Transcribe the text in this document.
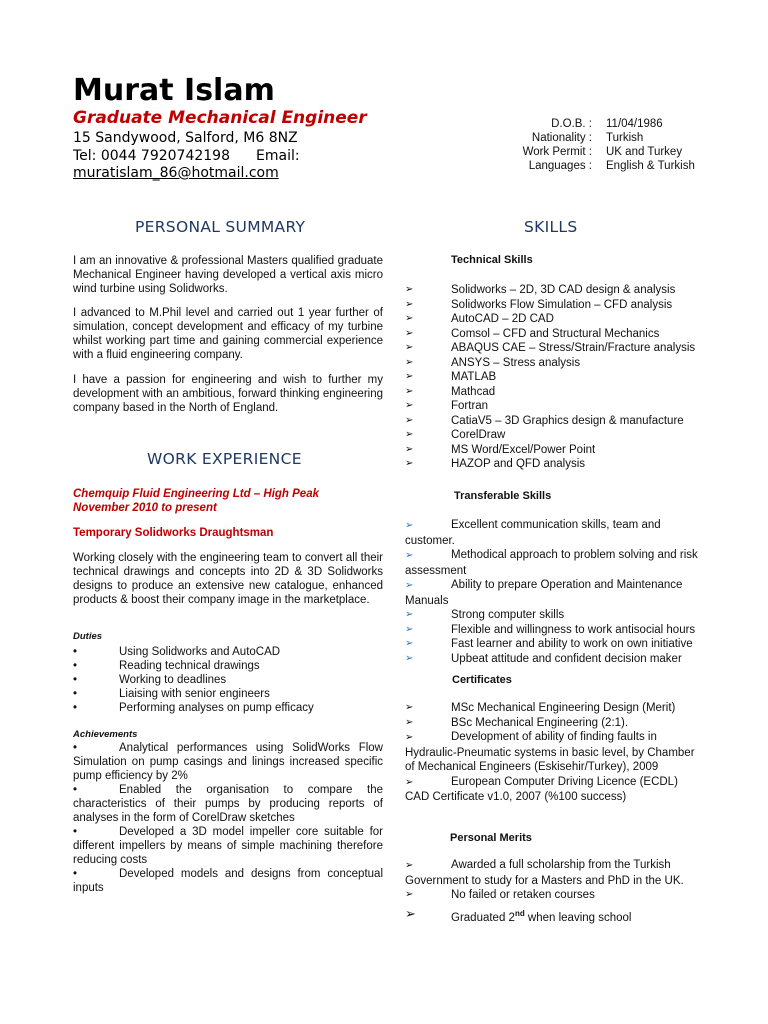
Murat Islam
Graduate Mechanical Engineer
15 Sandywood, Salford, M6 8NZ
Tel: 0044 7920742198 Email:
muratislam_86@hotmail.com
D.O.B. : 11/04/1986
Nationality : Turkish
Work Permit : UK and Turkey
Languages : English & Turkish
PERSONAL SUMMARY

I am an innovative & professional Masters qualified graduate Mechanical Engineer having developed a vertical axis micro wind turbine using Solidworks.

I advanced to M.Phil level and carried out 1 year further of simulation, concept development and efficacy of my turbine whilst working part time and gaining commercial experience with a fluid engineering company.

I have a passion for engineering and wish to further my development with an ambitious, forward thinking engineering company based in the North of England.

WORK EXPERIENCE
Chemquip Fluid Engineering Ltd – High Peak
November 2010 to present
Temporary Solidworks Draughtsman

Working closely with the engineering team to convert all their technical drawings and concepts into 2D & 3D Solidworks designs to produce an extensive new catalogue, enhanced products & boost their company image in the marketplace.

Duties
•	Using Solidworks and AutoCAD
•	Reading technical drawings
•	Working to deadlines
•	Liaising with senior engineers
•	Performing analyses on pump efficacy
Achievements
•	Analytical performances using SolidWorks Flow Simulation on pump casings and linings increased specific pump efficiency by 2%
•	Enabled the organisation to compare the characteristics of their pumps by producing reports of analyses in the form of CorelDraw sketches
•	Developed a 3D model impeller core suitable for different impellers by means of simple machining therefore reducing costs
•	Developed models and designs from conceptual inputs
SKILLS
Technical Skills
➢	Solidworks – 2D, 3D CAD design & analysis
➢	Solidworks Flow Simulation – CFD analysis
➢	AutoCAD – 2D CAD
➢	Comsol – CFD and Structural Mechanics
➢	ABAQUS CAE – Stress/Strain/Fracture analysis
➢	ANSYS – Stress analysis
➢	MATLAB
➢	Mathcad
➢	Fortran
➢	CatiaV5 – 3D Graphics design & manufacture
➢	CorelDraw
➢	MS Word/Excel/Power Point
➢	HAZOP and QFD analysis
Transferable Skills
➢	Excellent communication skills, team and customer.
➢	Methodical approach to problem solving and risk assessment
➢	Ability to prepare Operation and Maintenance Manuals
➢	Strong computer skills
➢	Flexible and willingness to work antisocial hours
➢	Fast learner and ability to work on own initiative
➢	Upbeat attitude and confident decision maker
Certificates
➢	MSc Mechanical Engineering Design (Merit)
➢	BSc Mechanical Engineering (2:1).
➢	Development of ability of finding faults in Hydraulic-Pneumatic systems in basic level, by Chamber of Mechanical Engineers (Eskisehir/Turkey), 2009
➢	European Computer Driving Licence (ECDL) CAD Certificate v1.0, 2007 (%100 success)
Personal Merits
➢	Awarded a full scholarship from the Turkish Government to study for a Masters and PhD in the UK.
➢	No failed or retaken courses
➢	Graduated 2nd when leaving school
